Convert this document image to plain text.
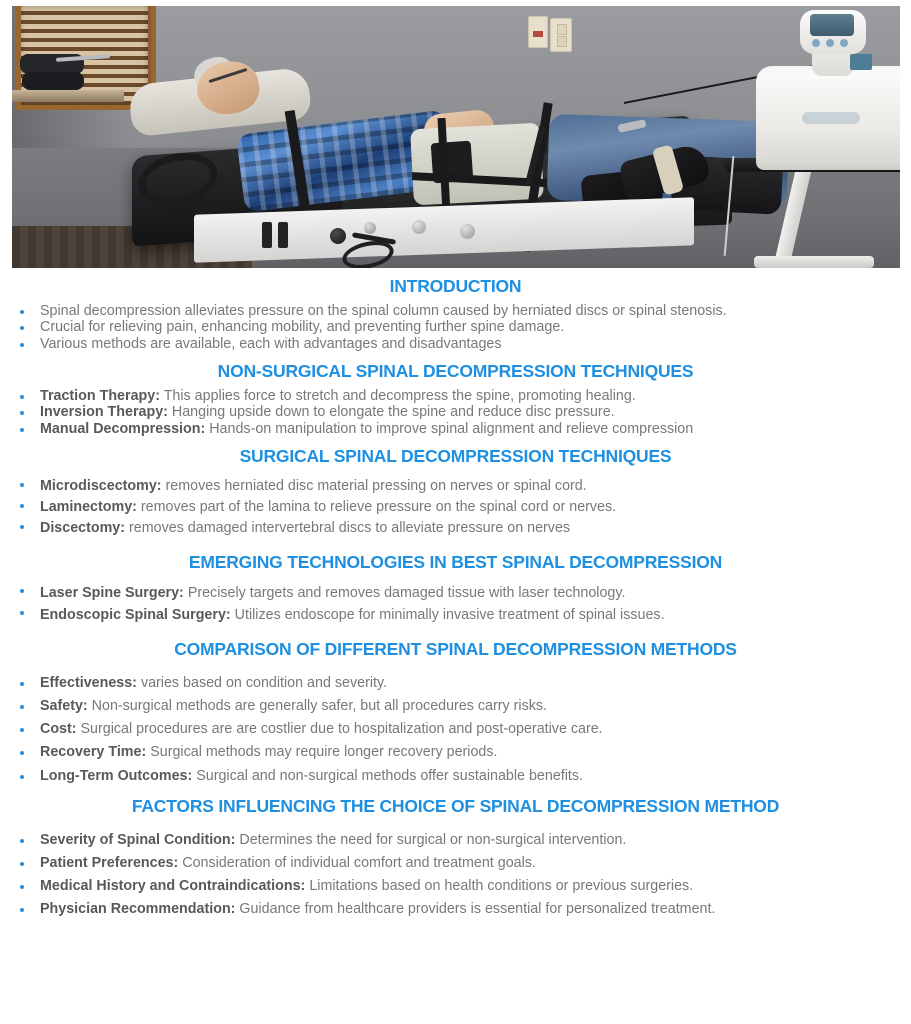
INTRODUCTION
Spinal decompression alleviates pressure on the spinal column caused by herniated discs or spinal stenosis.
Crucial for relieving pain, enhancing mobility, and preventing further spine damage.
Various methods are available, each with advantages and disadvantages
NON-SURGICAL SPINAL DECOMPRESSION TECHNIQUES
Traction Therapy: This applies force to stretch and decompress the spine, promoting healing.
Inversion Therapy: Hanging upside down to elongate the spine and reduce disc pressure.
Manual Decompression: Hands-on manipulation to improve spinal alignment and relieve compression
SURGICAL SPINAL DECOMPRESSION TECHNIQUES
Microdiscectomy: removes herniated disc material pressing on nerves or spinal cord.
Laminectomy: removes part of the lamina to relieve pressure on the spinal cord or nerves.
Discectomy: removes damaged intervertebral discs to alleviate pressure on nerves
EMERGING TECHNOLOGIES IN BEST SPINAL DECOMPRESSION
Laser Spine Surgery: Precisely targets and removes damaged tissue with laser technology.
Endoscopic Spinal Surgery: Utilizes endoscope for minimally invasive treatment of spinal issues.
COMPARISON OF DIFFERENT SPINAL DECOMPRESSION METHODS
Effectiveness: varies based on condition and severity.
Safety: Non-surgical methods are generally safer, but all procedures carry risks.
Cost: Surgical procedures are are costlier due to hospitalization and post-operative care.
Recovery Time: Surgical methods may require longer recovery periods.
Long-Term Outcomes: Surgical and non-surgical methods offer sustainable benefits.
FACTORS INFLUENCING THE CHOICE OF SPINAL DECOMPRESSION METHOD
Severity of Spinal Condition: Determines the need for surgical or non-surgical intervention.
Patient Preferences: Consideration of individual comfort and treatment goals.
Medical History and Contraindications: Limitations based on health conditions or previous surgeries.
Physician Recommendation: Guidance from healthcare providers is essential for personalized treatment.
